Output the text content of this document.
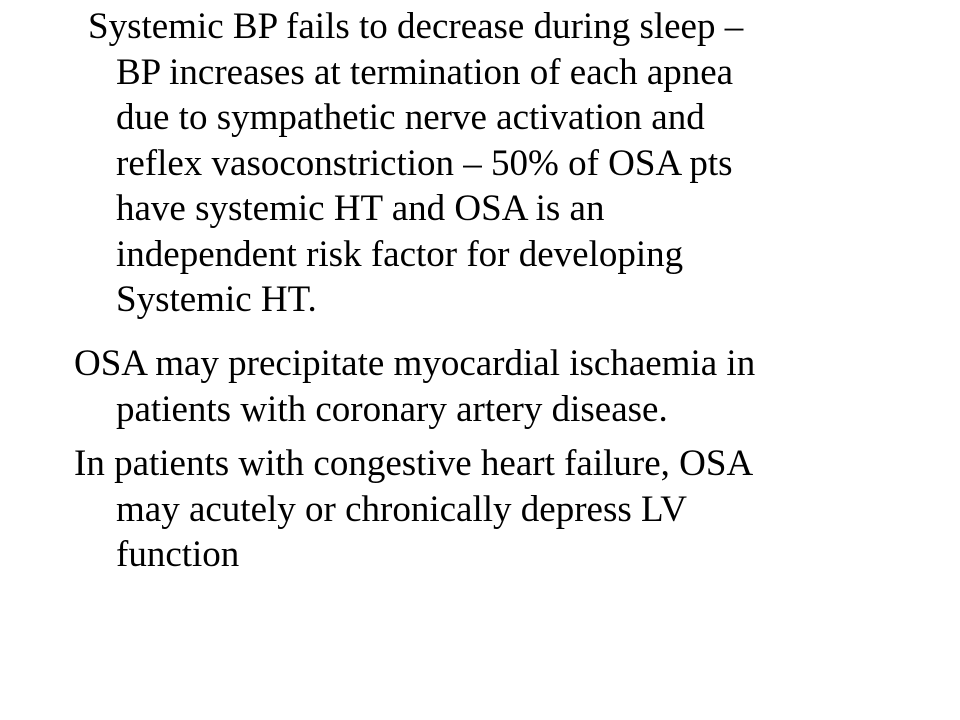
Systemic BP fails to decrease during sleep –
BP increases at termination of each apnea
due to sympathetic nerve activation and
reflex vasoconstriction – 50% of OSA pts
have systemic HT and OSA is an
independent risk factor for developing
Systemic HT.
OSA may precipitate myocardial ischaemia in
patients with coronary artery disease.
In patients with congestive heart failure, OSA
may acutely or chronically depress LV
function
